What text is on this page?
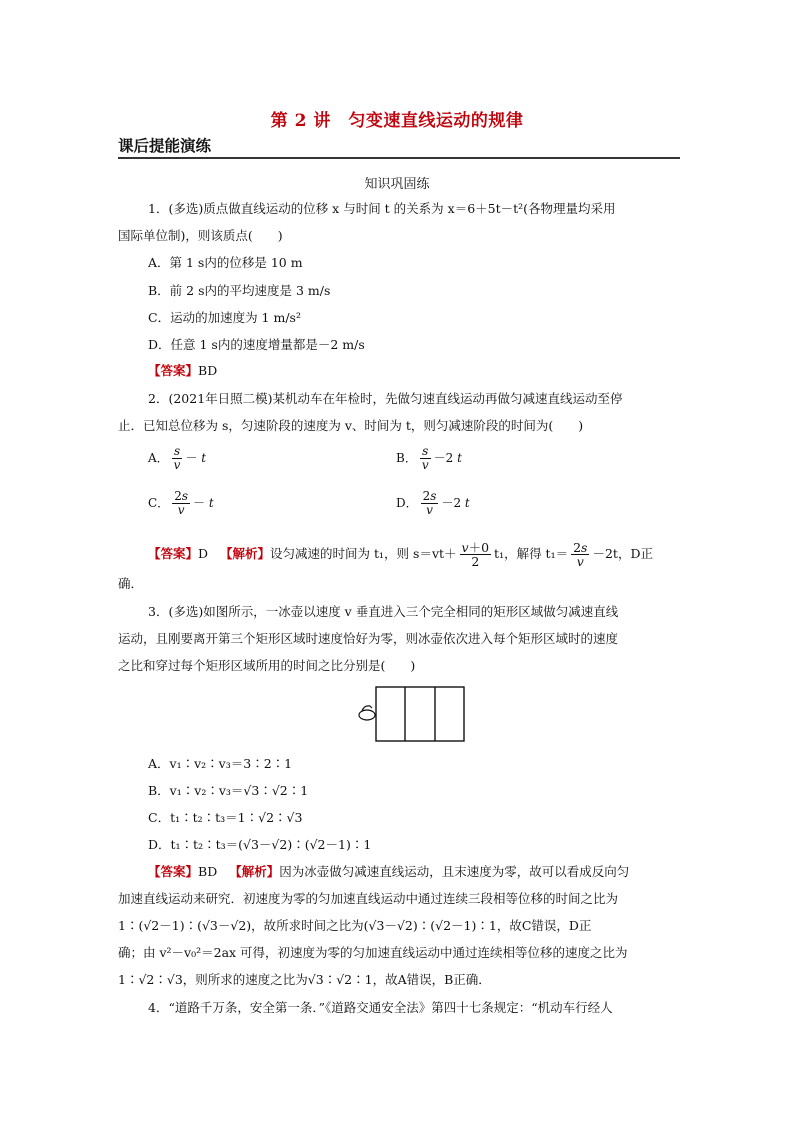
第 2 讲　匀变速直线运动的规律
课后提能演练
知识巩固练
1．(多选)质点做直线运动的位移 x 与时间 t 的关系为 x＝6＋5t－t²(各物理量均采用
国际单位制)，则该质点(　　)
A．第 1 s内的位移是 10 m
B．前 2 s内的平均速度是 3 m/s
C．运动的加速度为 1 m/s²
D．任意 1 s内的速度增量都是－2 m/s
【答案】BD
2．(2021年日照二模)某机动车在年检时，先做匀速直线运动再做匀减速直线运动至停
止．已知总位移为 s，匀速阶段的速度为 v、时间为 t，则匀减速阶段的时间为(　　)
A． $\frac{s}{v} - t$	B． $\frac{s}{v} -2$ t
C． $\frac{2s}{v} - t$	D． $\frac{2s}{v} -2$ t
【答案】D 【解析】设匀减速的时间为 t₁，则 $s=vt+ \frac{v+0}{2} t_1$，解得 $t_1= \frac{2s}{v} -2t$，D正
确．
3．(多选)如图所示，一冰壶以速度 v 垂直进入三个完全相同的矩形区域做匀减速直线
运动，且刚要离开第三个矩形区域时速度恰好为零，则冰壶依次进入每个矩形区域时的速度
之比和穿过每个矩形区域所用的时间之比分别是(　　)
A．v₁∶v₂∶v₃＝3∶2∶1
B．v₁∶v₂∶v₃＝√3∶√2∶1
C．t₁∶t₂∶t₃＝1∶√2∶√3
D．t₁∶t₂∶t₃＝(√3－√2)∶(√2－1)∶1
【答案】BD 【解析】因为冰壶做匀减速直线运动，且末速度为零，故可以看成反向匀
加速直线运动来研究．初速度为零的匀加速直线运动中通过连续三段相等位移的时间之比为
1∶(√2－1)∶(√3－√2)，故所求时间之比为(√3－√2)∶(√2－1)∶1，故C错误，D正
确；由 v²－v₀²＝2ax 可得，初速度为零的匀加速直线运动中通过连续相等位移的速度之比为
1∶√2∶√3，则所求的速度之比为√3∶√2∶1，故A错误，B正确．
4．“道路千万条，安全第一条．”《道路交通安全法》第四十七条规定：“机动车行经人
